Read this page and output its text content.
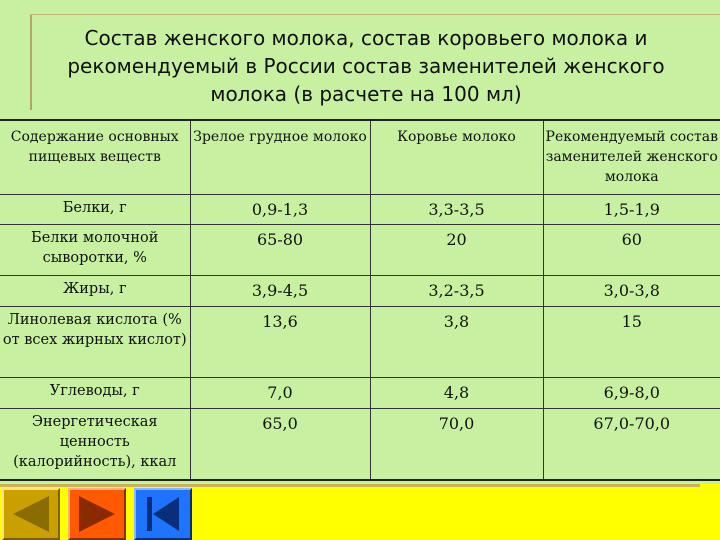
Состав женского молока, состав коровьего молока и рекомендуемый в России состав заменителей женского молока (в расчете на 100 мл)
Содержание основных пищевых веществ	Зрелое грудное молоко	Коровье молоко	Рекомендуемый состав заменителей женского молока
Белки, г	0,9-1,3	3,3-3,5	1,5-1,9
Белки молочной сыворотки, %	65-80	20	60
Жиры, г	3,9-4,5	3,2-3,5	3,0-3,8
Линолевая кислота (% от всех жирных кислот)	13,6	3,8	15
Углеводы, г	7,0	4,8	6,9-8,0
Энергетическая ценность (калорийность), ккал	65,0	70,0	67,0-70,0
